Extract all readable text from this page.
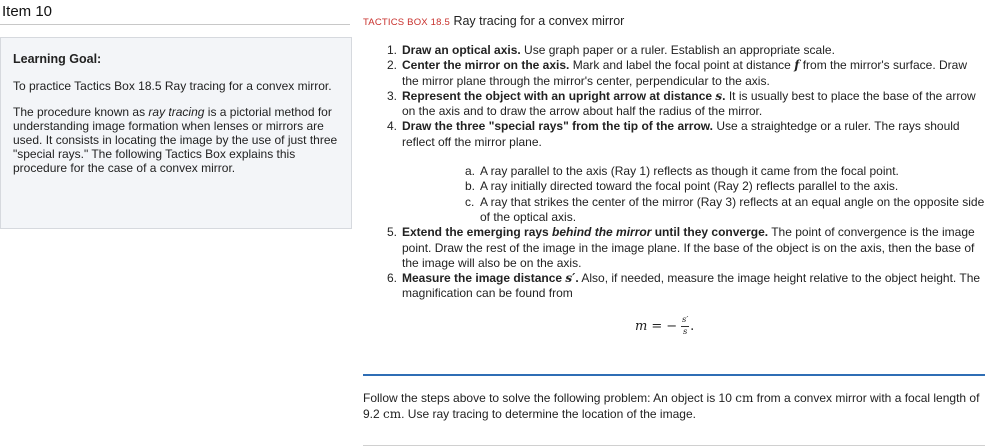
Item 10
Learning Goal:

To practice Tactics Box 18.5 Ray tracing for a convex mirror.

The procedure known as ray tracing is a pictorial method for understanding image formation when lenses or mirrors are used. It consists in locating the image by the use of just three "special rays." The following Tactics Box explains this procedure for the case of a convex mirror.

TACTICS BOX 18.5 Ray tracing for a convex mirror
1. Draw an optical axis. Use graph paper or a ruler. Establish an appropriate scale.
2. Center the mirror on the axis. Mark and label the focal point at distance f from the mirror's surface. Draw the mirror plane through the mirror's center, perpendicular to the axis.
3. Represent the object with an upright arrow at distance s. It is usually best to place the base of the arrow on the axis and to draw the arrow about half the radius of the mirror.
4. Draw the three "special rays" from the tip of the arrow. Use a straightedge or a ruler. The rays should reflect off the mirror plane.
a. A ray parallel to the axis (Ray 1) reflects as though it came from the focal point.
b. A ray initially directed toward the focal point (Ray 2) reflects parallel to the axis.
c. A ray that strikes the center of the mirror (Ray 3) reflects at an equal angle on the opposite side of the optical axis.
5. Extend the emerging rays behind the mirror until they converge. The point of convergence is the image point. Draw the rest of the image in the image plane. If the base of the object is on the axis, then the base of the image will also be on the axis.
6. Measure the image distance s′. Also, if needed, measure the image height relative to the object height. The magnification can be found from
m = − $\frac{s'}{s}$ .

Follow the steps above to solve the following problem: An object is 10 cm from a convex mirror with a focal length of 9.2 cm. Use ray tracing to determine the location of the image.
